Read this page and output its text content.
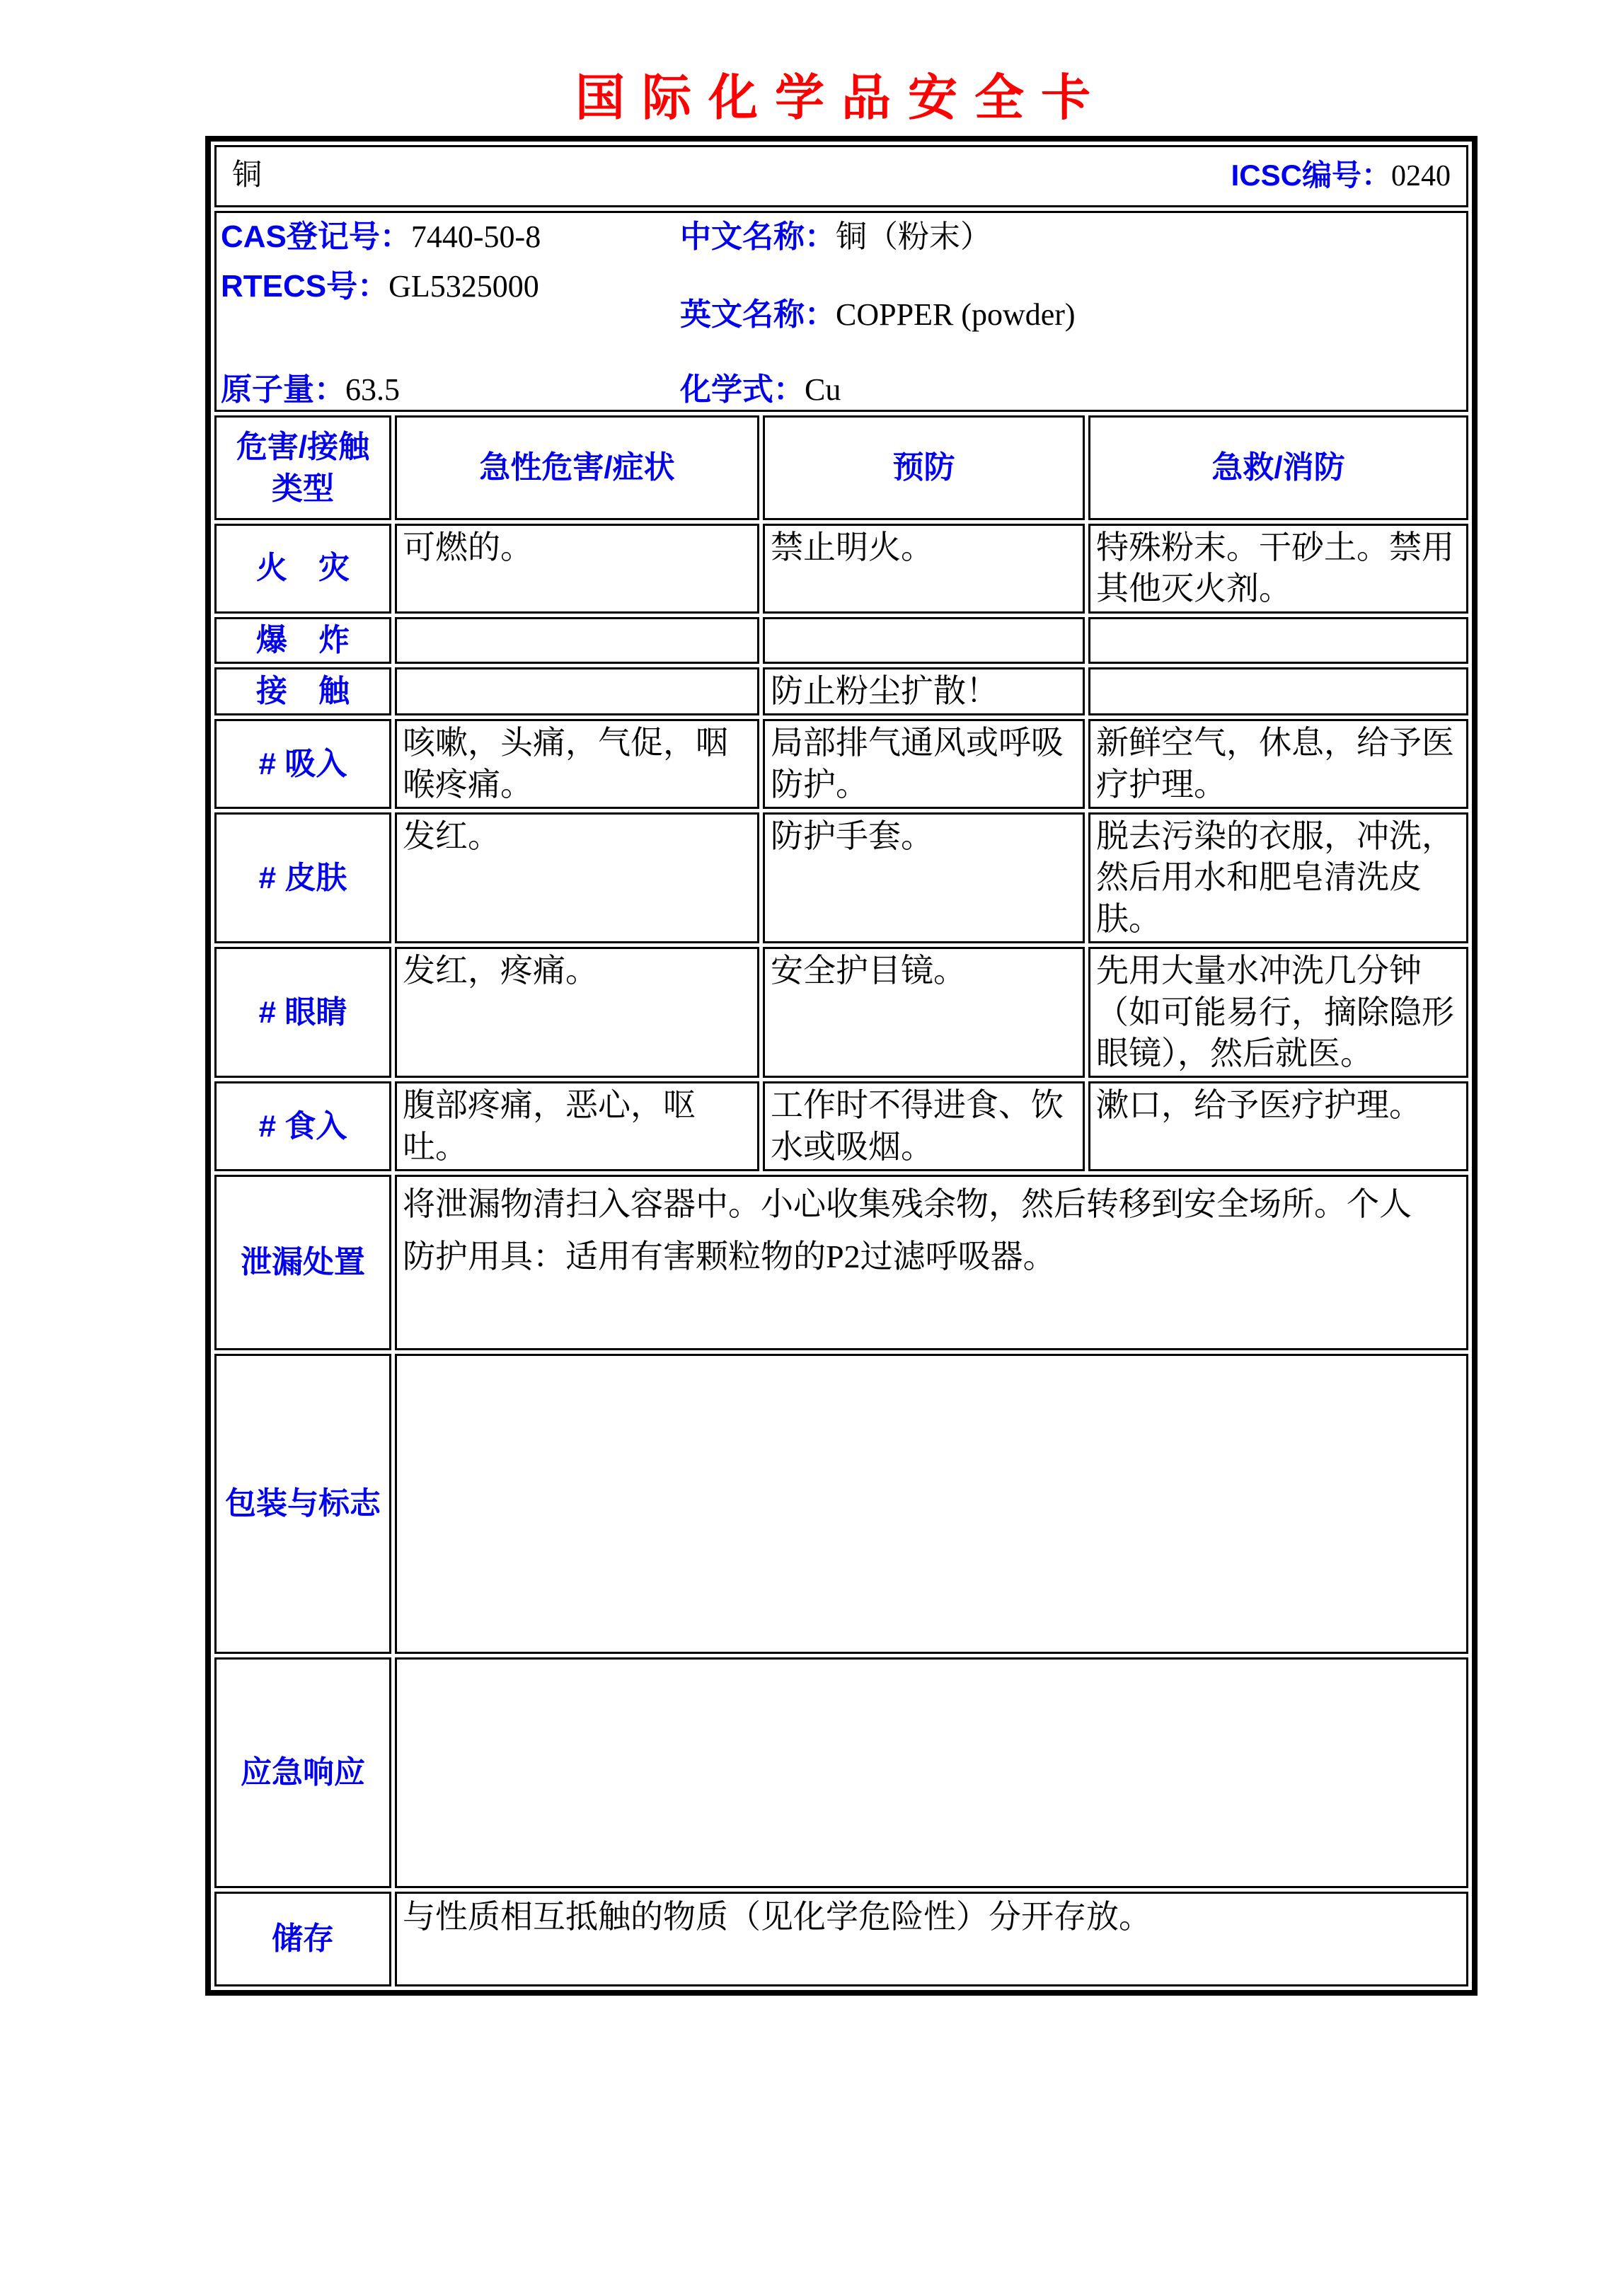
国际化学品安全卡
铜 ICSC编号：0240			

CAS登记号：7440-50-8
RTECS号：GL5325000
原子量：63.5
中文名称：铜（粉末）
英文名称：COPPER (powder)
化学式：Cu

危害/接触
类型	急性危害/症状	预防	急救/消防
火　灾	可燃的。	禁止明火。	特殊粉末。干砂土。禁用其他灭火剂。
爆　炸			
接　触		防止粉尘扩散！	
# 吸入	咳嗽，头痛，气促，咽喉疼痛。	局部排气通风或呼吸防护。	新鲜空气，休息，给予医疗护理。
# 皮肤	发红。	防护手套。	脱去污染的衣服，冲洗，然后用水和肥皂清洗皮肤。
# 眼睛	发红，疼痛。	安全护目镜。	先用大量水冲洗几分钟（如可能易行，摘除隐形眼镜），然后就医。
# 食入	腹部疼痛，恶心，呕吐。	工作时不得进食、饮水或吸烟。	漱口，给予医疗护理。
泄漏处置	将泄漏物清扫入容器中。小心收集残余物，然后转移到安全场所。个人防护用具：适用有害颗粒物的P2过滤呼吸器。		
包装与标志			
应急响应			
储存	与性质相互抵触的物质（见化学危险性）分开存放。		
